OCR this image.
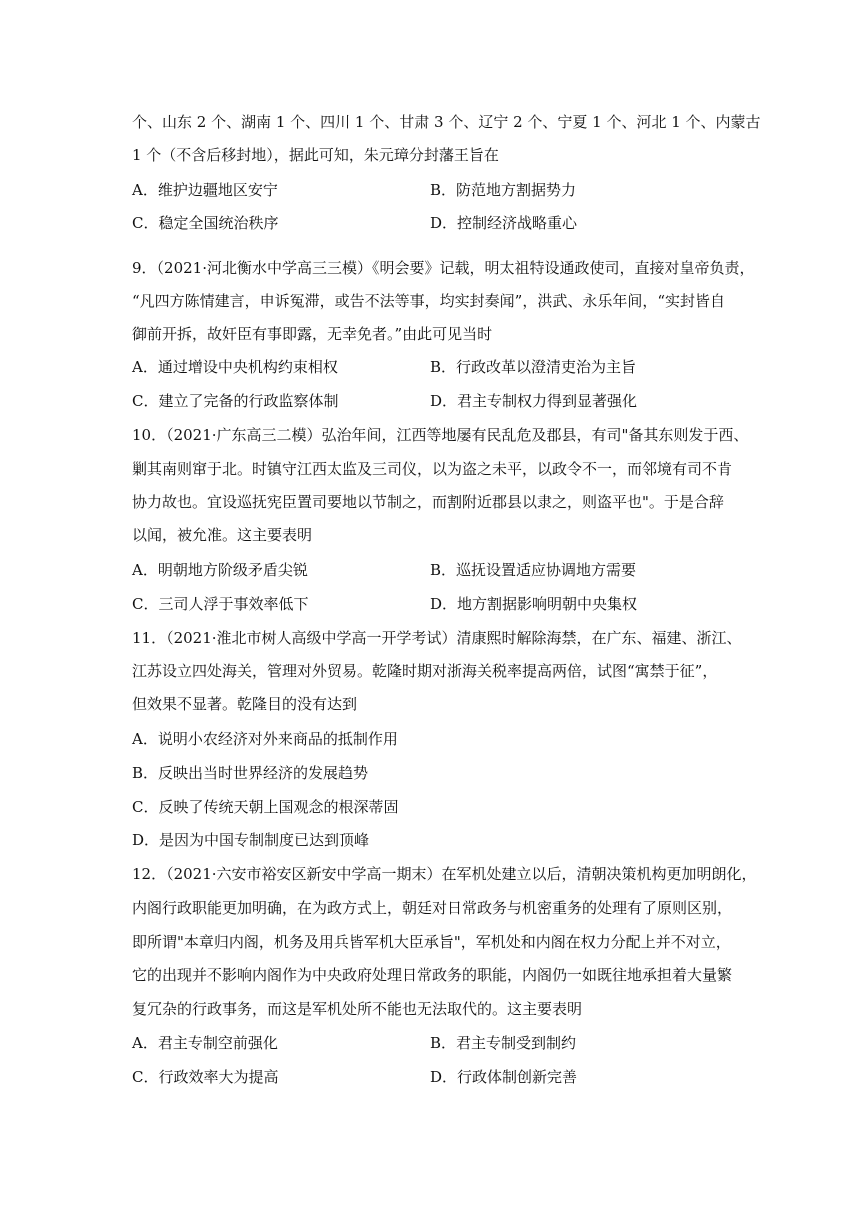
个、山东 2 个、湖南 1 个、四川 1 个、甘肃 3 个、辽宁 2 个、宁夏 1 个、河北 1 个、内蒙古
1 个（不含后移封地），据此可知，朱元璋分封藩王旨在
A．维护边疆地区安宁	B．防范地方割据势力
C．稳定全国统治秩序	D．控制经济战略重心
9．（2021·河北衡水中学高三三模）《明会要》记载，明太祖特设通政使司，直接对皇帝负责，
“凡四方陈情建言，申诉冤滞，或告不法等事，均实封奏闻”，洪武、永乐年间，“实封皆自
御前开拆，故奸臣有事即露，无幸免者。”由此可见当时
A．通过增设中央机构约束相权	B．行政改革以澄清吏治为主旨
C．建立了完备的行政监察体制	D．君主专制权力得到显著强化
10．（2021·广东高三二模）弘治年间，江西等地屡有民乱危及郡县，有司"备其东则发于西、
剿其南则窜于北。时镇守江西太监及三司仪，以为盗之未平，以政令不一，而邻境有司不肯
协力故也。宜设巡抚宪臣置司要地以节制之，而割附近郡县以隶之，则盗平也"。于是合辞
以闻，被允准。这主要表明
A．明朝地方阶级矛盾尖锐	B．巡抚设置适应协调地方需要
C．三司人浮于事效率低下	D．地方割据影响明朝中央集权
11．（2021·淮北市树人高级中学高一开学考试）清康熙时解除海禁，在广东、福建、浙江、
江苏设立四处海关，管理对外贸易。乾隆时期对浙海关税率提高两倍，试图“寓禁于征”，
但效果不显著。乾隆目的没有达到
A．说明小农经济对外来商品的抵制作用
B．反映出当时世界经济的发展趋势
C．反映了传统天朝上国观念的根深蒂固
D．是因为中国专制制度已达到顶峰
12．（2021·六安市裕安区新安中学高一期末）在军机处建立以后，清朝决策机构更加明朗化，
内阁行政职能更加明确，在为政方式上，朝廷对日常政务与机密重务的处理有了原则区别，
即所谓"本章归内阁，机务及用兵皆军机大臣承旨"，军机处和内阁在权力分配上并不对立，
它的出现并不影响内阁作为中央政府处理日常政务的职能，内阁仍一如既往地承担着大量繁
复冗杂的行政事务，而这是军机处所不能也无法取代的。这主要表明
A．君主专制空前强化	B．君主专制受到制约
C．行政效率大为提高	D．行政体制创新完善
